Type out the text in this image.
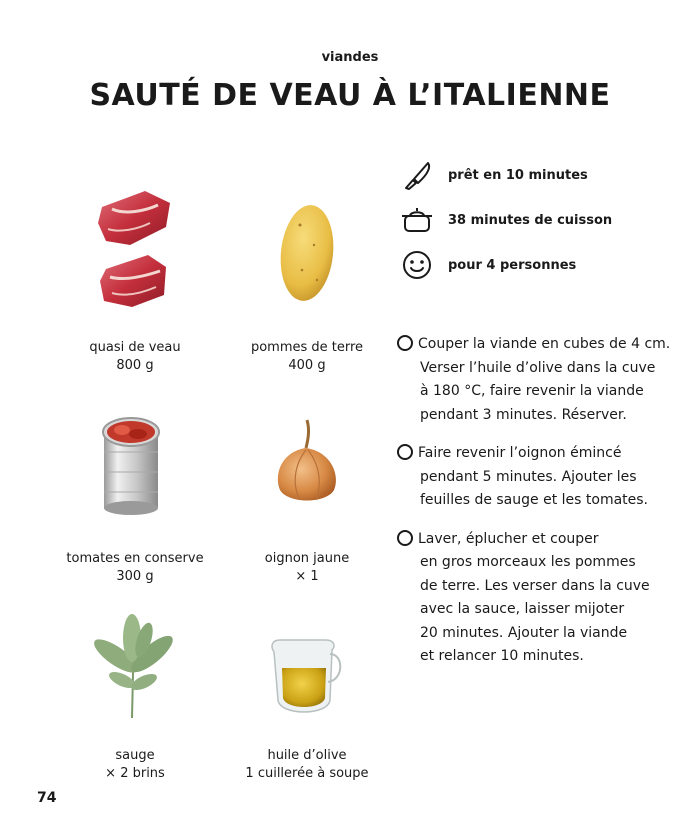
viandes
SAUTÉ DE VEAU À L’ITALIENNE
quasi de veau
800 g
pommes de terre
400 g
tomates en conserve
300 g
oignon jaune
× 1
sauge
× 2 brins
huile d’olive
1 cuillerée à soupe
prêt en 10 minutes
38 minutes de cuisson
pour 4 personnes
Couper la viande en cubes de 4 cm.
Verser l’huile d’olive dans la cuve
à 180 °C, faire revenir la viande
pendant 3 minutes. Réserver.
Faire revenir l’oignon émincé
pendant 5 minutes. Ajouter les
feuilles de sauge et les tomates.
Laver, éplucher et couper
en gros morceaux les pommes
de terre. Les verser dans la cuve
avec la sauce, laisser mijoter
20 minutes. Ajouter la viande
et relancer 10 minutes.
74
